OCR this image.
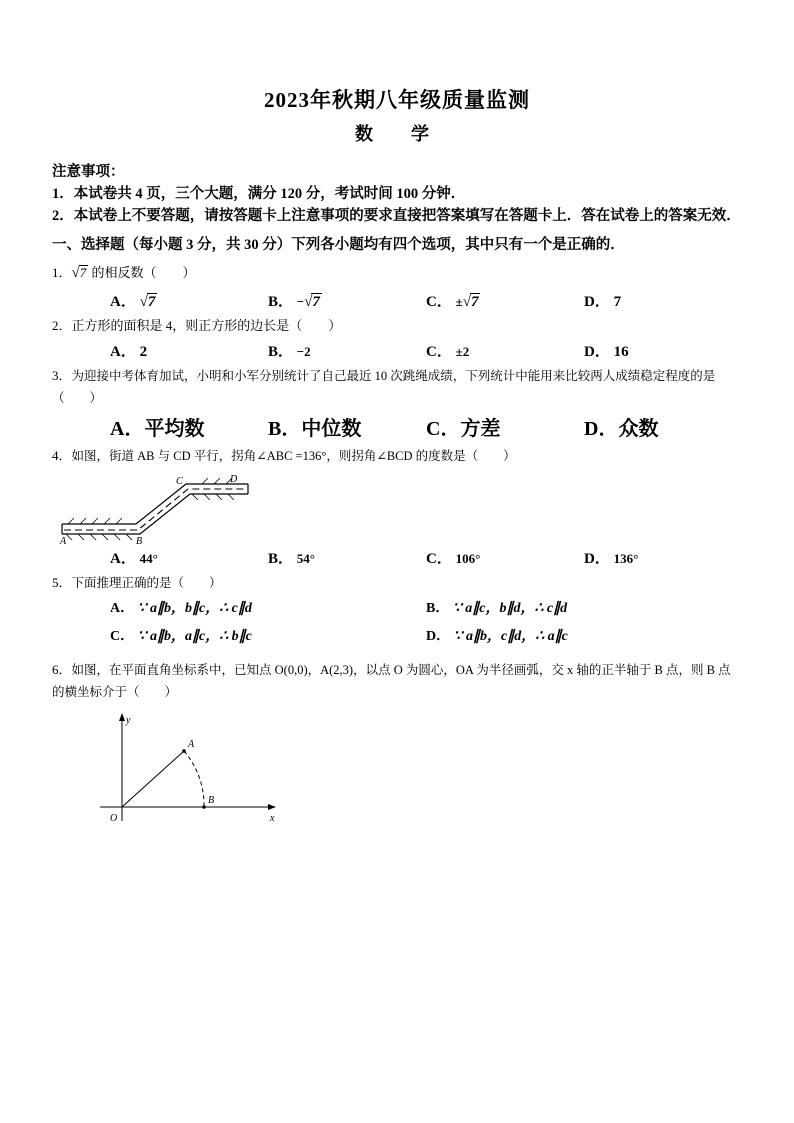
2023年秋期八年级质量监测
数　学
注意事项：
1．本试卷共 4 页，三个大题，满分 120 分，考试时间 100 分钟．
2．本试卷上不要答题，请按答题卡上注意事项的要求直接把答案填写在答题卡上．答在试卷上的答案无效．
一、选择题（每小题 3 分，共 30 分）下列各小题均有四个选项，其中只有一个是正确的．
1．√7 的相反数（　　）
A． √7	B． −√7	C． ±√7	D． 7
2．正方形的面积是 4，则正方形的边长是（　　）
A． 2	B． −2	C． ±2	D． 16
3．为迎接中考体育加试，小明和小军分别统计了自己最近 10 次跳绳成绩，下列统计中能用来比较两人成绩稳定程度的是（　　）
A．平均数	B．中位数	C．方差	D．众数
4．如图，街道 AB 与 CD 平行，拐角∠ABC =136°，则拐角∠BCD 的度数是（　　）
A	B
C	D
A． 44°	B． 54°	C． 106°	D． 136°
5．下面推理正确的是（　　）
A． ∵ a∥b，b∥c，∴ c∥d	B． ∵ a∥c，b∥d，∴ c∥d
C． ∵ a∥b，a∥c，∴ b∥c	D． ∵ a∥b，c∥d，∴ a∥c
6．如图，在平面直角坐标系中，已知点 O(0,0)，A(2,3)，以点 O 为圆心，OA 为半径画弧，交 x 轴的正半轴于 B 点，则 B 点的横坐标介于（　　）
y
A
B
O	x
